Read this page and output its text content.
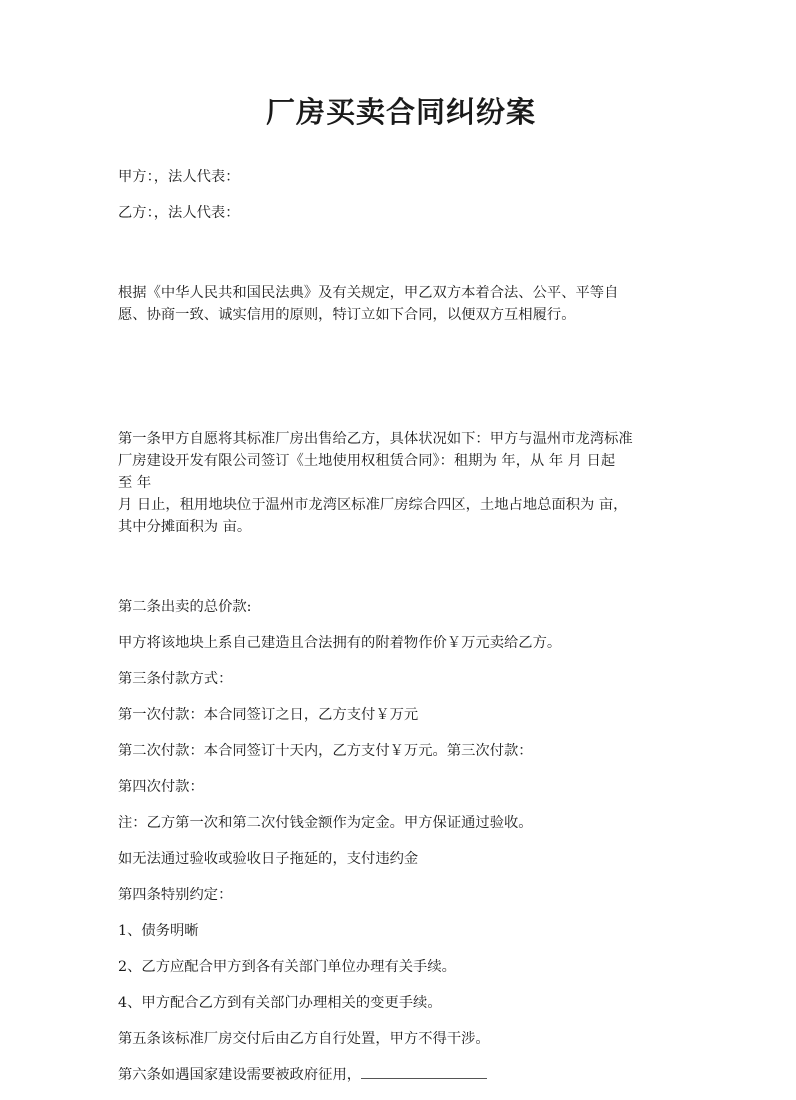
厂房买卖合同纠纷案

甲方：，法人代表：

乙方：，法人代表：

根据《中华人民共和国民法典》及有关规定，甲乙双方本着合法、公平、平等自
愿、协商一致、诚实信用的原则，特订立如下合同，以便双方互相履行。

第一条甲方自愿将其标准厂房出售给乙方，具体状况如下：甲方与温州市龙湾标准
厂房建设开发有限公司签订《土地使用权租赁合同》：租期为 年，从 年 月 日起
至 年
月 日止，租用地块位于温州市龙湾区标准厂房综合四区，土地占地总面积为 亩，
其中分摊面积为 亩。

第二条出卖的总价款:

甲方将该地块上系自己建造且合法拥有的附着物作价￥万元卖给乙方。

第三条付款方式：

第一次付款：本合同签订之日，乙方支付￥万元

第二次付款：本合同签订十天内，乙方支付￥万元。第三次付款：

第四次付款：

注：乙方第一次和第二次付钱金额作为定金。甲方保证通过验收。

如无法通过验收或验收日子拖延的，支付违约金

第四条特别约定：

1、债务明晰

2、乙方应配合甲方到各有关部门单位办理有关手续。

4、甲方配合乙方到有关部门办理相关的变更手续。

第五条该标准厂房交付后由乙方自行处置，甲方不得干涉。

第六条如遇国家建设需要被政府征用，
